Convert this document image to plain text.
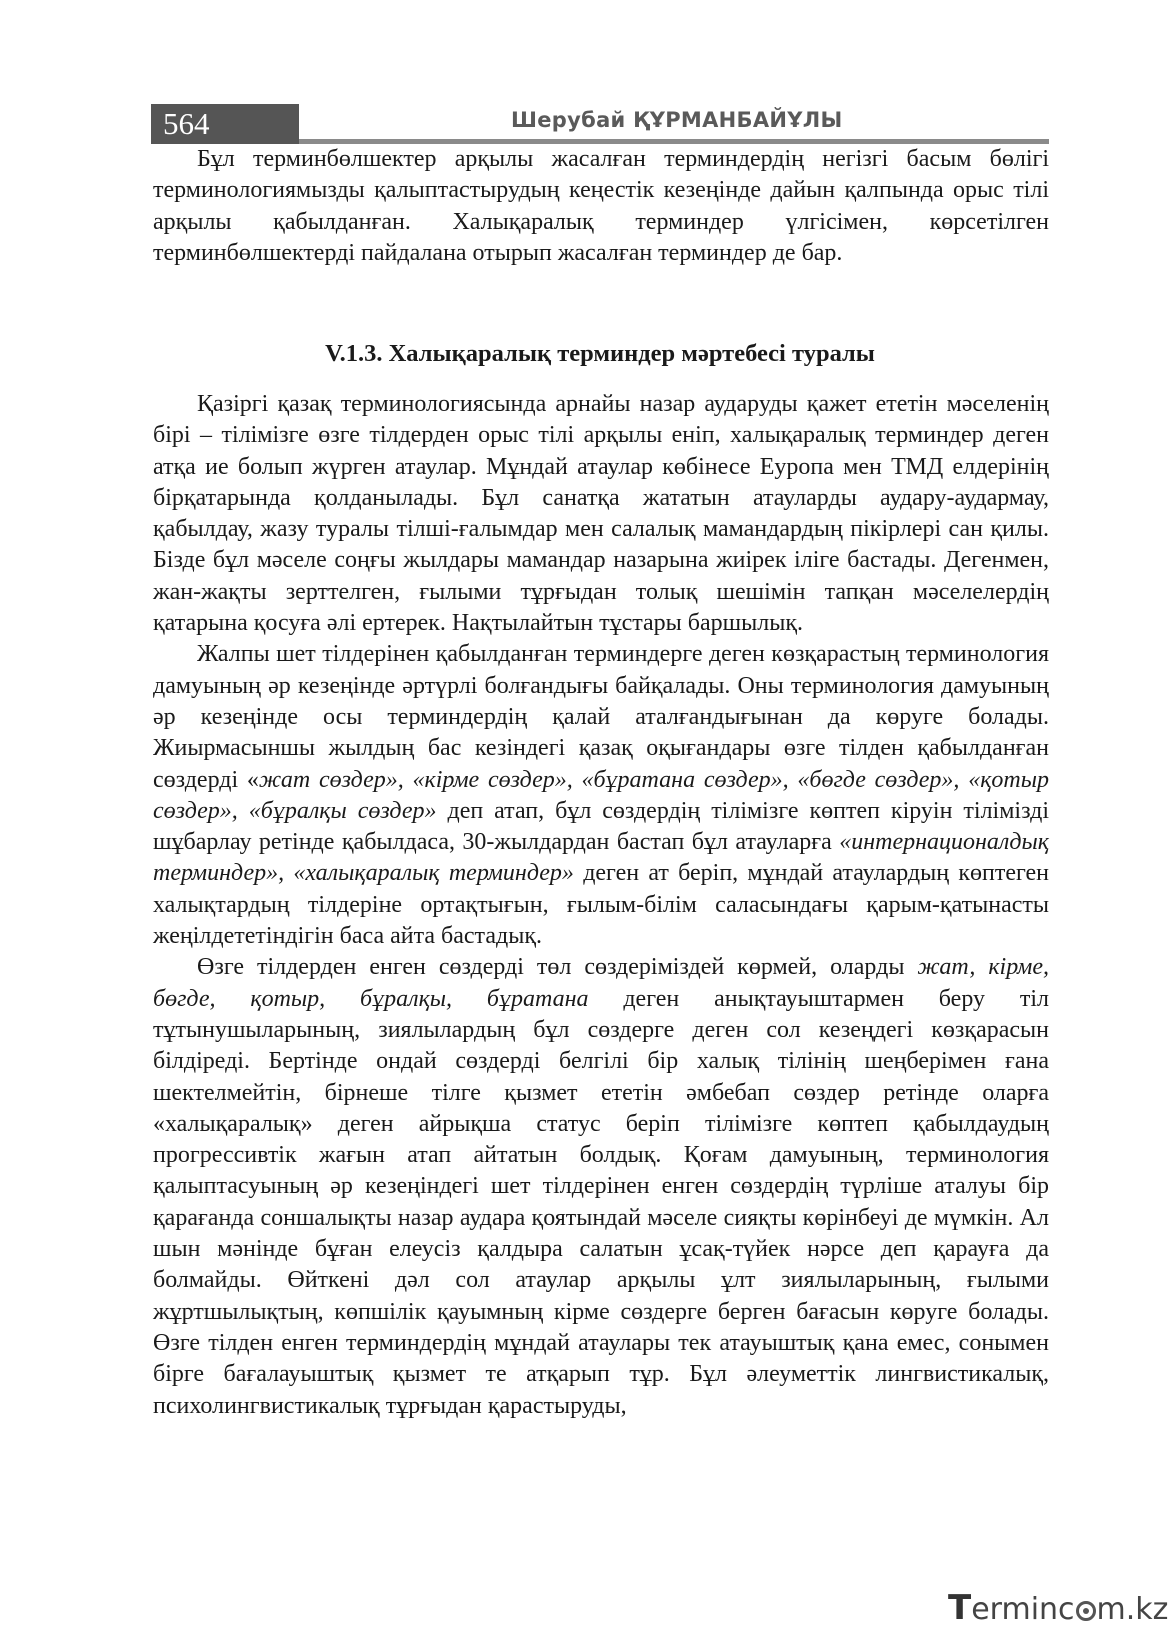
564	Шерубай ҚҰРМАНБАЙҰЛЫ

Бұл терминбөлшектер арқылы жасалған терминдердің негізгі басым бөлігі терминологиямызды қалыптастырудың кеңестік кезеңінде дайын қалпында орыс тілі арқылы қабылданған. Халықаралық терминдер үлгісімен, көрсетілген терминбөлшектерді пайдалана отырып жасалған терминдер де бар.

V.1.3. Халықаралық терминдер мәртебесі туралы

Қазіргі қазақ терминологиясында арнайы назар аударуды қажет ететін мәселенің бірі – тілімізге өзге тілдерден орыс тілі арқылы еніп, халықаралық терминдер деген атқа ие болып жүрген атаулар. Мұндай атаулар көбінесе Еуропа мен ТМД елдерінің бірқатарында қолданылады. Бұл санатқа жататын атауларды аудару-аудармау, қабылдау, жазу туралы тілші-ғалымдар мен салалық мамандардың пікірлері сан қилы. Бізде бұл мәселе соңғы жылдары мамандар назарына жиірек іліге бастады. Дегенмен, жан-жақты зерттелген, ғылыми тұрғыдан толық шешімін тапқан мәселелердің қатарына қосуға әлі ертерек. Нақтылайтын тұстары баршылық.

Жалпы шет тілдерінен қабылданған терминдерге деген көзқарастың терминология дамуының әр кезеңінде әртүрлі болғандығы байқалады. Оны терминология дамуының әр кезеңінде осы терминдердің қалай аталғандығынан да көруге болады. Жиырмасыншы жылдың бас кезіндегі қазақ оқығандары өзге тілден қабылданған сөздерді «жат сөздер», «кірме сөздер», «бұратана сөздер», «бөгде сөздер», «қотыр сөздер», «бұралқы сөздер» деп атап, бұл сөздердің тілімізге көптеп кіруін тілімізді шұбарлау ретінде қабылдаса, 30-жылдардан бастап бұл атауларға «интернационалдық терминдер», «халықаралық терминдер» деген ат беріп, мұндай атаулардың көптеген халықтардың тілдеріне ортақтығын, ғылым-білім саласындағы қарым-қатынасты жеңілдететіндігін баса айта бастадық.

Өзге тілдерден енген сөздерді төл сөздеріміздей көрмей, оларды жат, кірме, бөгде, қотыр, бұралқы, бұратана деген анықтауыштармен беру тіл тұтынушыларының, зиялылардың бұл сөздерге деген сол кезеңдегі көзқарасын білдіреді. Бертінде ондай сөздерді белгілі бір халық тілінің шеңберімен ғана шектелмейтін, бірнеше тілге қызмет ететін әмбебап сөздер ретінде оларға «халықаралық» деген айрықша статус беріп тілімізге көптеп қабылдаудың прогрессивтік жағын атап айтатын болдық. Қоғам дамуының, терминология қалыптасуының әр кезеңіндегі шет тілдерінен енген сөздердің түрліше аталуы бір қарағанда соншалықты назар аударa қоятындай мәселе сияқты көрінбеуі де мүмкін. Ал шын мәнінде бұған елеусіз қалдыра салатын ұсақ-түйек нәрсе деп қарауға да болмайды. Өйткені дәл сол атаулар арқылы ұлт зиялыларының, ғылыми жұртшылықтың, көпшілік қауымның кірме сөздерге берген бағасын көруге болады. Өзге тілден енген терминдердің мұндай атаулары тек атауыштық қана емес, сонымен бірге бағалауыштық қызмет те атқарып тұр. Бұл әлеуметтік лингвистикалық, психолингвистикалық тұрғыдан қарастыруды,

Terminc m.kz
